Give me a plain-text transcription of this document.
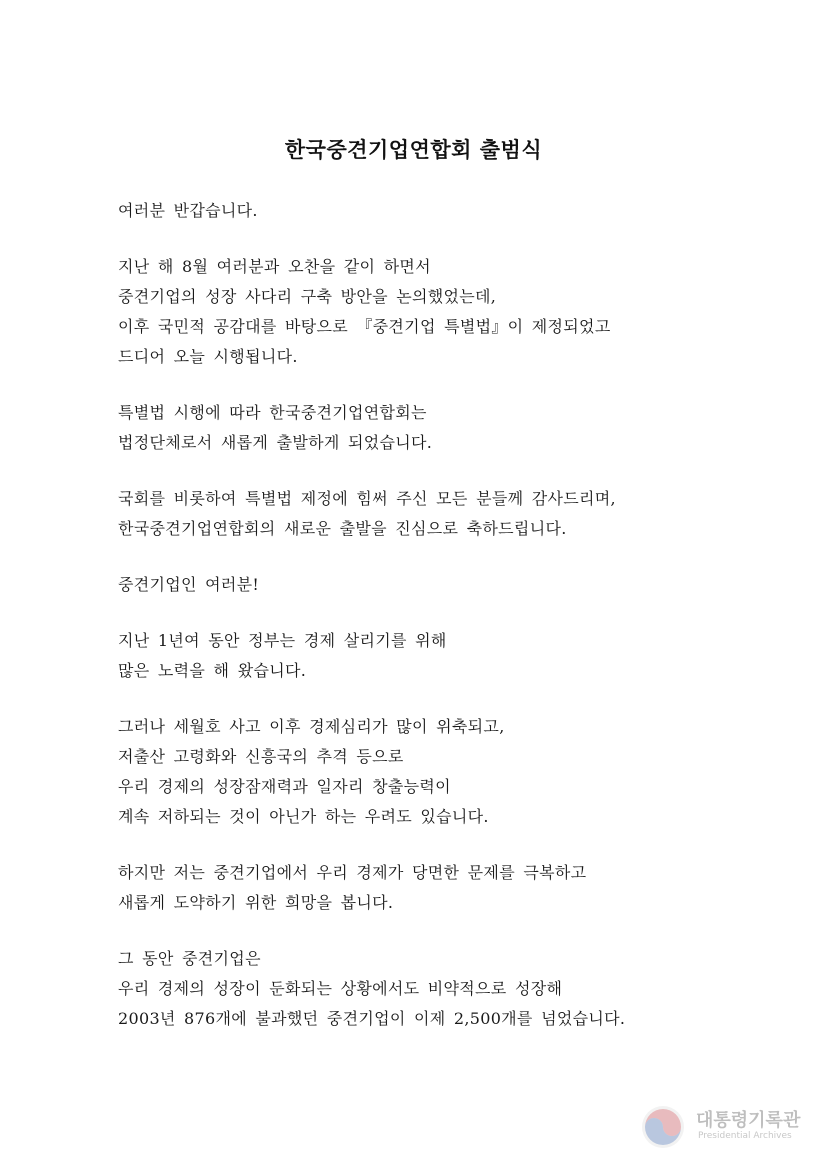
한국중견기업연합회 출범식
여러분 반갑습니다.
지난 해 8월 여러분과 오찬을 같이 하면서
중견기업의 성장 사다리 구축 방안을 논의했었는데,
이후 국민적 공감대를 바탕으로 『중견기업 특별법』이 제정되었고
드디어 오늘 시행됩니다.
특별법 시행에 따라 한국중견기업연합회는
법정단체로서 새롭게 출발하게 되었습니다.
국회를 비롯하여 특별법 제정에 힘써 주신 모든 분들께 감사드리며,
한국중견기업연합회의 새로운 출발을 진심으로 축하드립니다.
중견기업인 여러분!
지난 1년여 동안 정부는 경제 살리기를 위해
많은 노력을 해 왔습니다.
그러나 세월호 사고 이후 경제심리가 많이 위축되고,
저출산 고령화와 신흥국의 추격 등으로
우리 경제의 성장잠재력과 일자리 창출능력이
계속 저하되는 것이 아닌가 하는 우려도 있습니다.
하지만 저는 중견기업에서 우리 경제가 당면한 문제를 극복하고
새롭게 도약하기 위한 희망을 봅니다.
그 동안 중견기업은
우리 경제의 성장이 둔화되는 상황에서도 비약적으로 성장해
2003년 876개에 불과했던 중견기업이 이제 2,500개를 넘었습니다.
대통령기록관
Presidential Archives
